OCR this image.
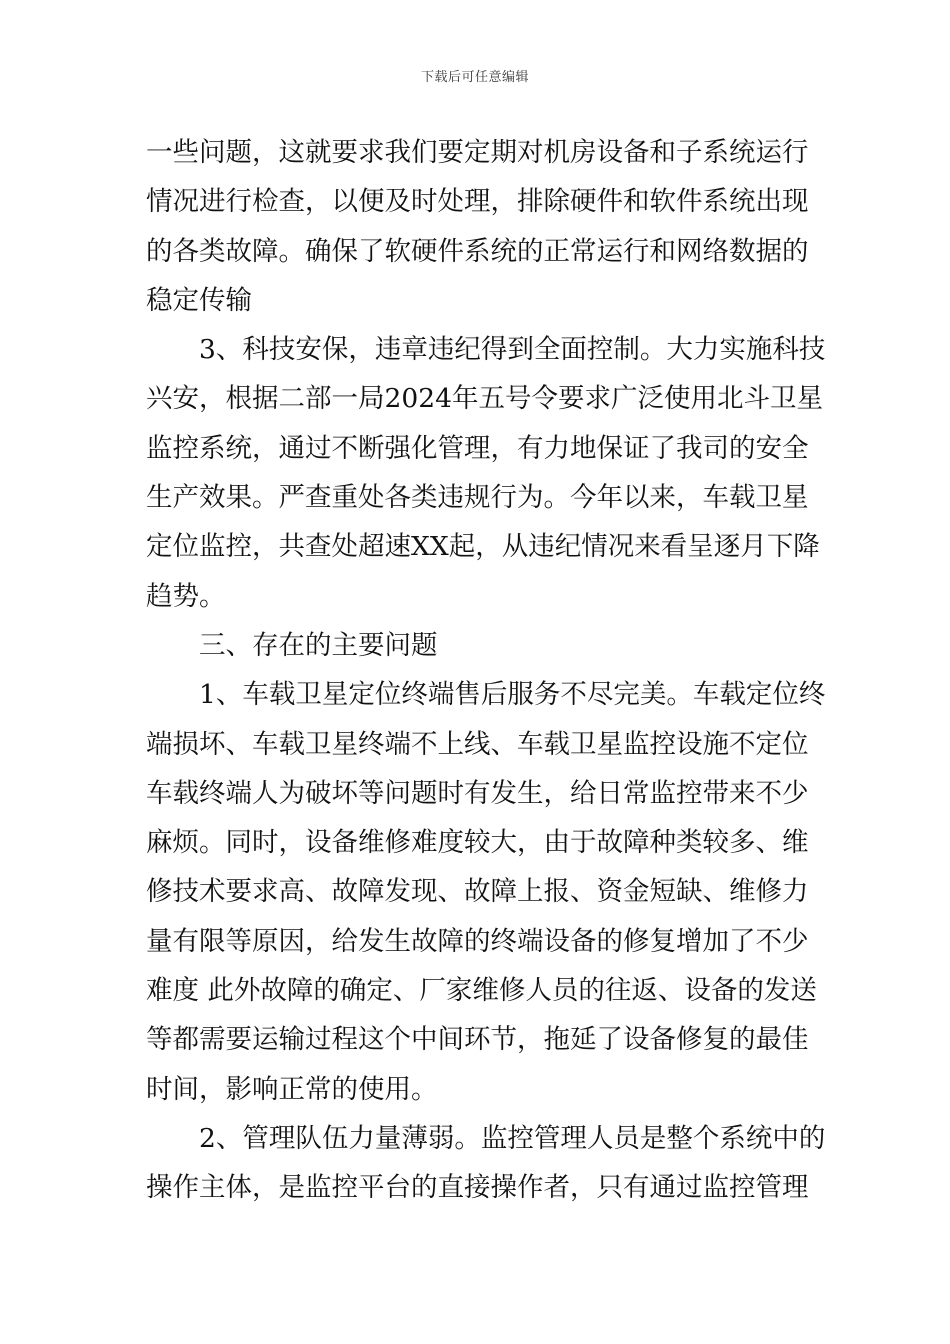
下载后可任意编辑
一些问题，这就要求我们要定期对机房设备和子系统运行
情况进行检查，以便及时处理，排除硬件和软件系统出现
的各类故障。确保了软硬件系统的正常运行和网络数据的
稳定传输
3、科技安保，违章违纪得到全面控制。大力实施科技
兴安，根据二部一局2024年五号令要求广泛使用北斗卫星
监控系统，通过不断强化管理，有力地保证了我司的安全
生产效果。严查重处各类违规行为。今年以来，车载卫星
定位监控，共查处超速XX起，从违纪情况来看呈逐月下降
趋势。
三、存在的主要问题
1、车载卫星定位终端售后服务不尽完美。车载定位终
端损坏、车载卫星终端不上线、车载卫星监控设施不定位
车载终端人为破坏等问题时有发生，给日常监控带来不少
麻烦。同时，设备维修难度较大，由于故障种类较多、维
修技术要求高、故障发现、故障上报、资金短缺、维修力
量有限等原因，给发生故障的终端设备的修复增加了不少
难度 此外故障的确定、厂家维修人员的往返、设备的发送
等都需要运输过程这个中间环节，拖延了设备修复的最佳
时间，影响正常的使用。
2、管理队伍力量薄弱。监控管理人员是整个系统中的
操作主体，是监控平台的直接操作者，只有通过监控管理
